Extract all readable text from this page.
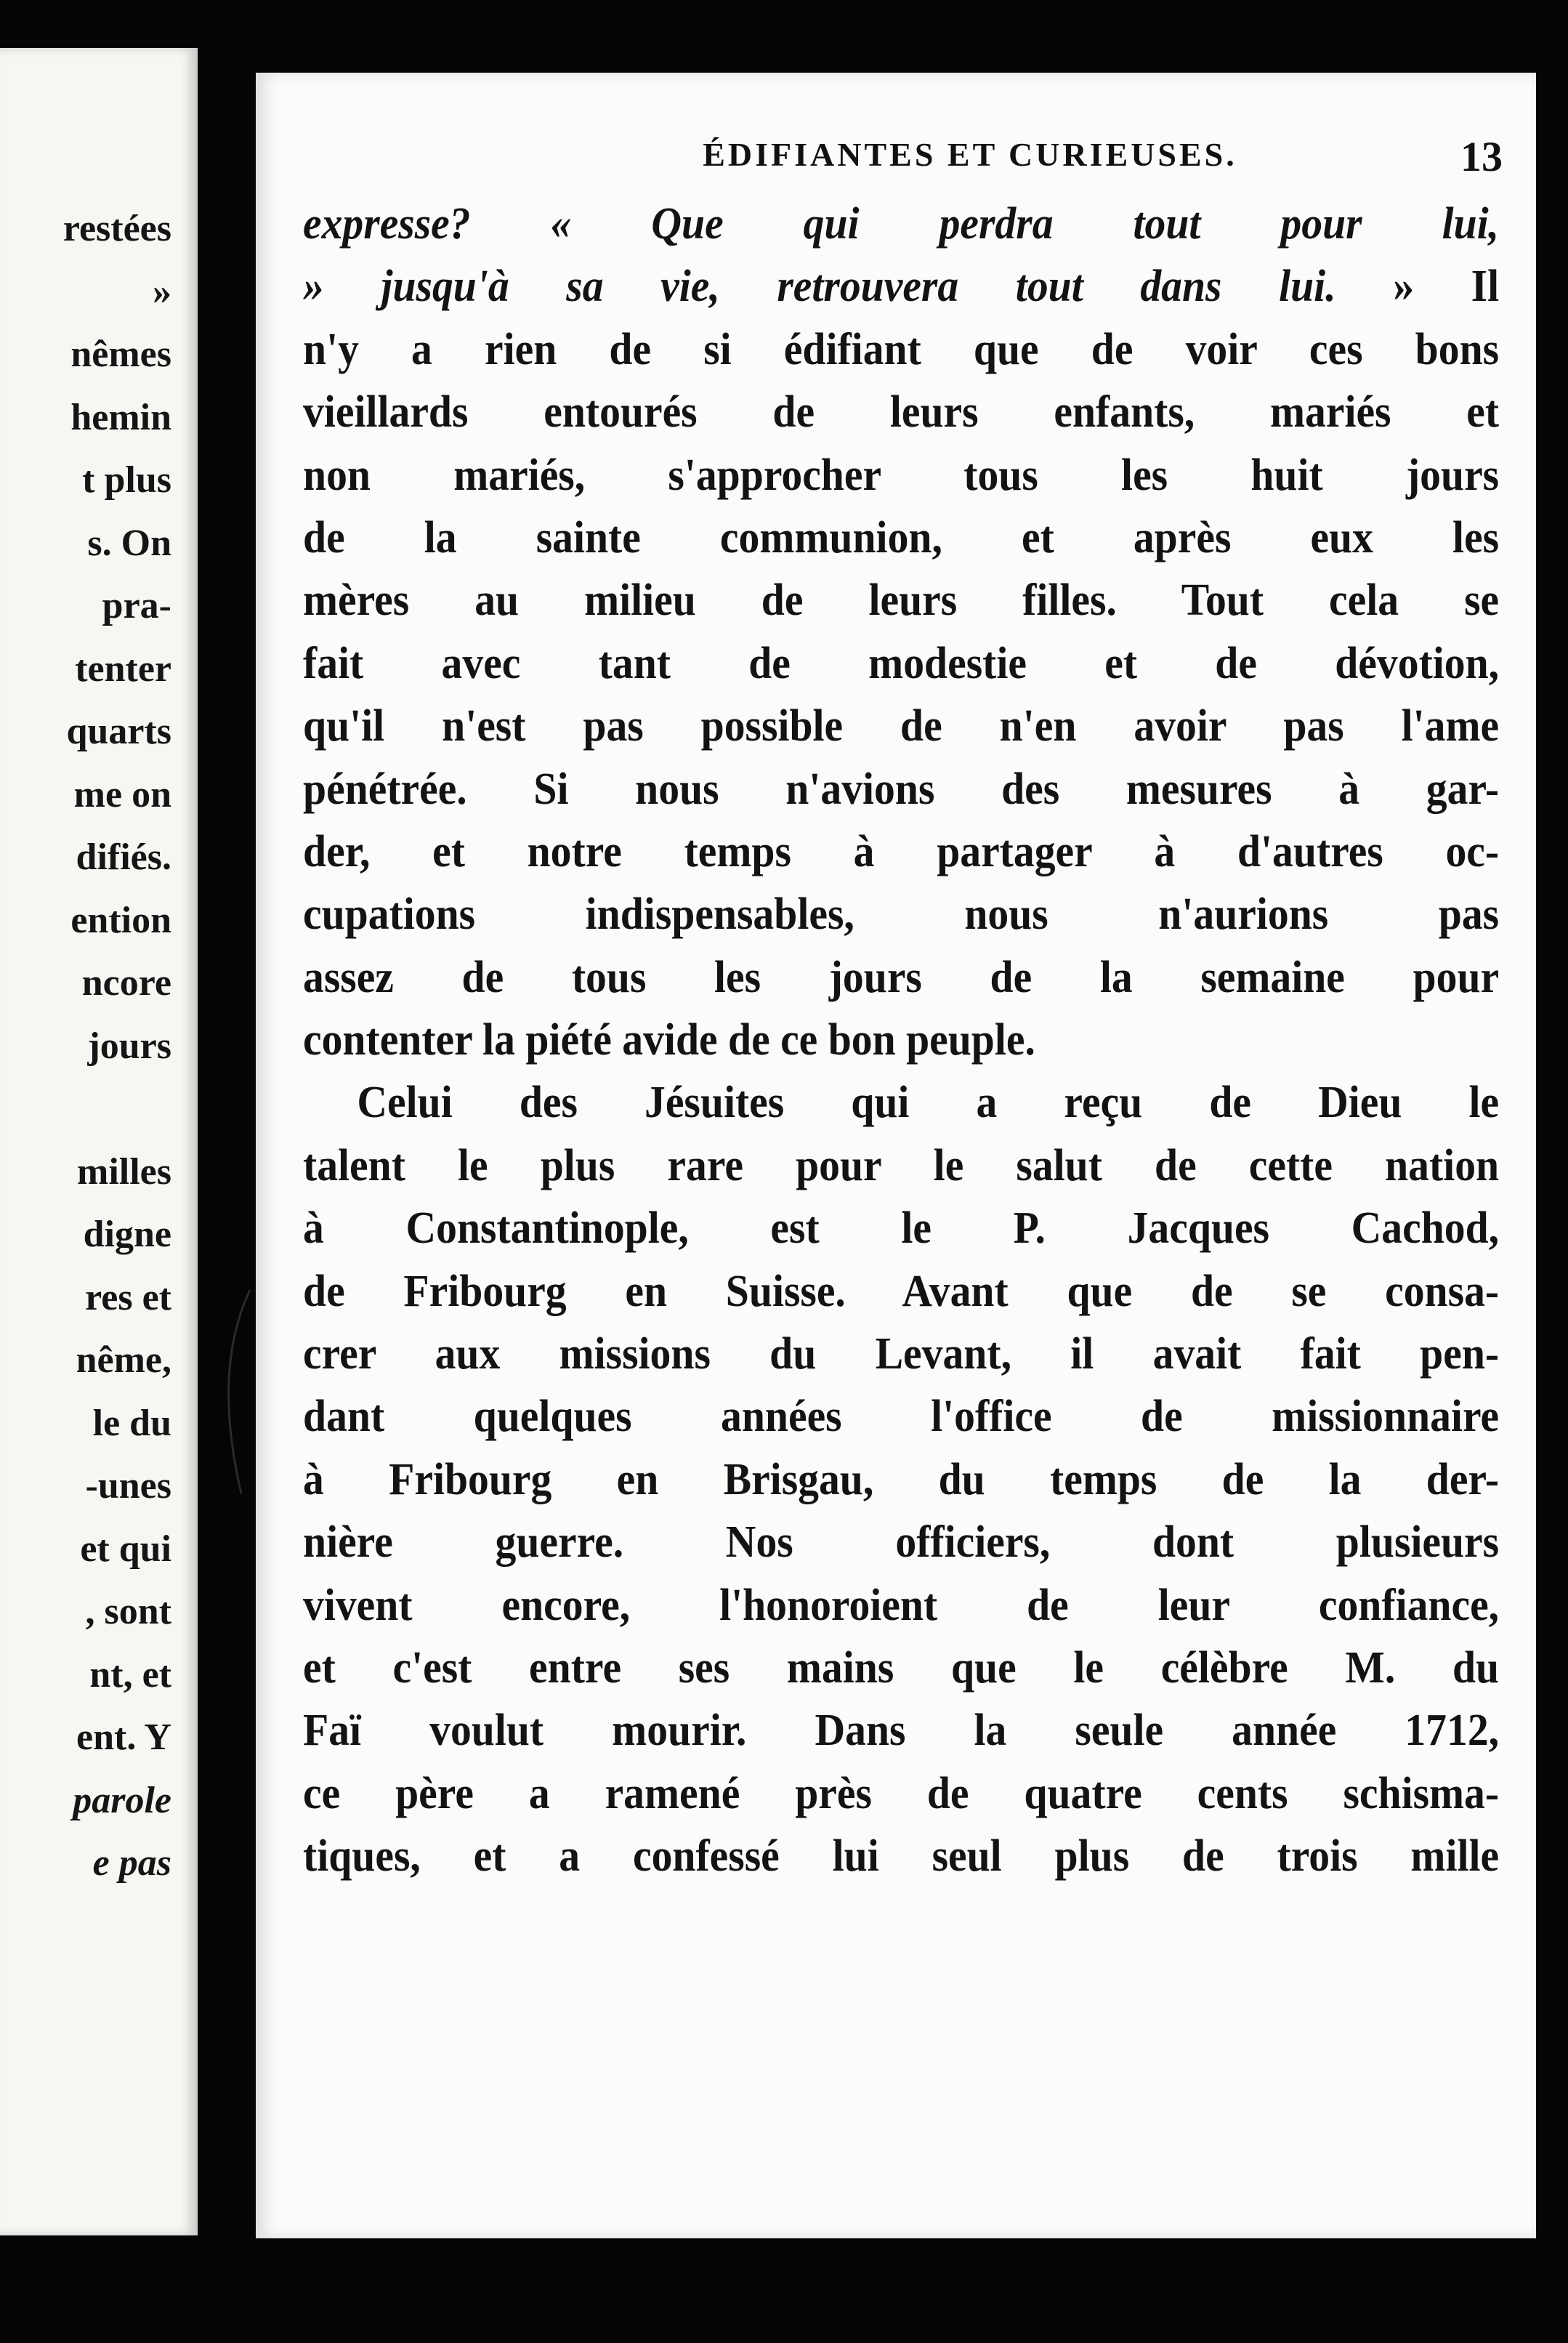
restées
»
nêmes
hemin
t plus
s. On
pra-
tenter
quarts
me on
difiés.
ention
ncore
jours
milles
digne
res et
nême,
le du
-unes
et qui
, sont
nt, et
ent. Y
parole
e pas
ÉDIFIANTES ET CURIEUSES.	13
expresse? « Que qui perdra tout pour lui,
» jusqu'à sa vie, retrouvera tout dans lui. » Il
n'y a rien de si édifiant que de voir ces bons
vieillards entourés de leurs enfants, mariés et
non mariés, s'approcher tous les huit jours
de la sainte communion, et après eux les
mères au milieu de leurs filles. Tout cela se
fait avec tant de modestie et de dévotion,
qu'il n'est pas possible de n'en avoir pas l'ame
pénétrée. Si nous n'avions des mesures à gar-
der, et notre temps à partager à d'autres oc-
cupations indispensables, nous n'aurions pas
assez de tous les jours de la semaine pour
contenter la piété avide de ce bon peuple.
Celui des Jésuites qui a reçu de Dieu le
talent le plus rare pour le salut de cette nation
à Constantinople, est le P. Jacques Cachod,
de Fribourg en Suisse. Avant que de se consa-
crer aux missions du Levant, il avait fait pen-
dant quelques années l'office de missionnaire
à Fribourg en Brisgau, du temps de la der-
nière guerre. Nos officiers, dont plusieurs
vivent encore, l'honoroient de leur confiance,
et c'est entre ses mains que le célèbre M. du
Faï voulut mourir. Dans la seule année 1712,
ce père a ramené près de quatre cents schisma-
tiques, et a confessé lui seul plus de trois mille
